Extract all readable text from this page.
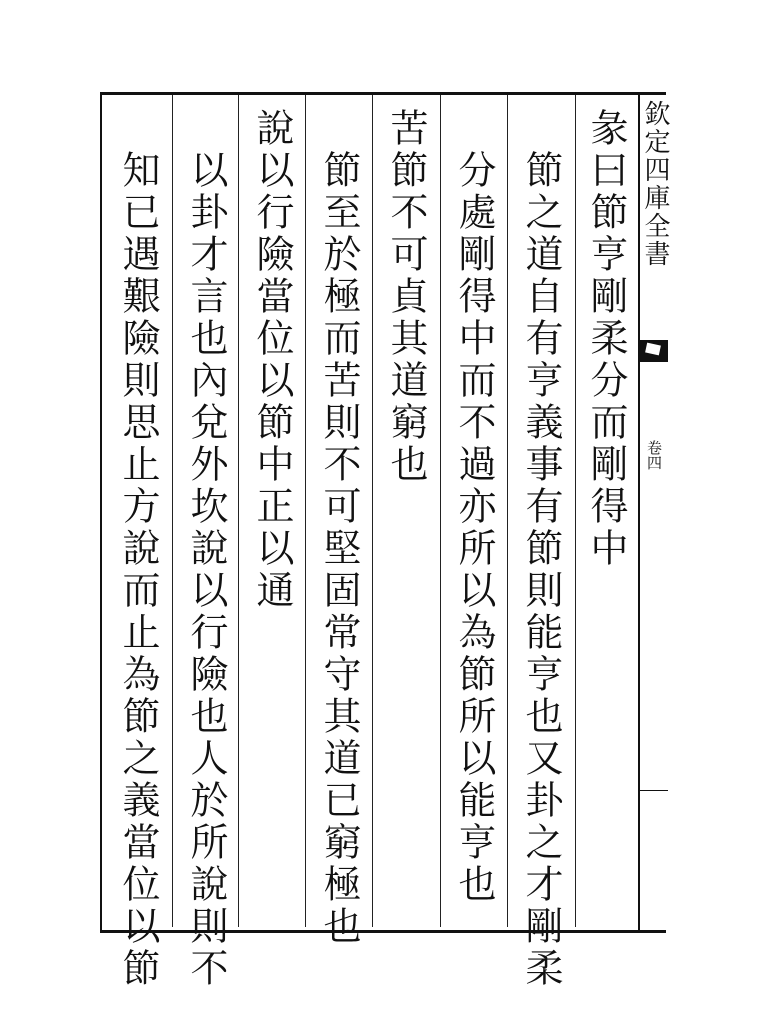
彖曰節亨剛柔分而剛得中
節之道自有亨義事有節則能亨也又卦之才剛柔
分處剛得中而不過亦所以為節所以能亨也
苦節不可貞其道窮也
節至於極而苦則不可堅固常守其道已窮極也
說以行險當位以節中正以通
以卦才言也內兌外坎說以行險也人於所說則不
知已遇艱險則思止方說而止為節之義當位以節	欽定四庫全書
卷四
